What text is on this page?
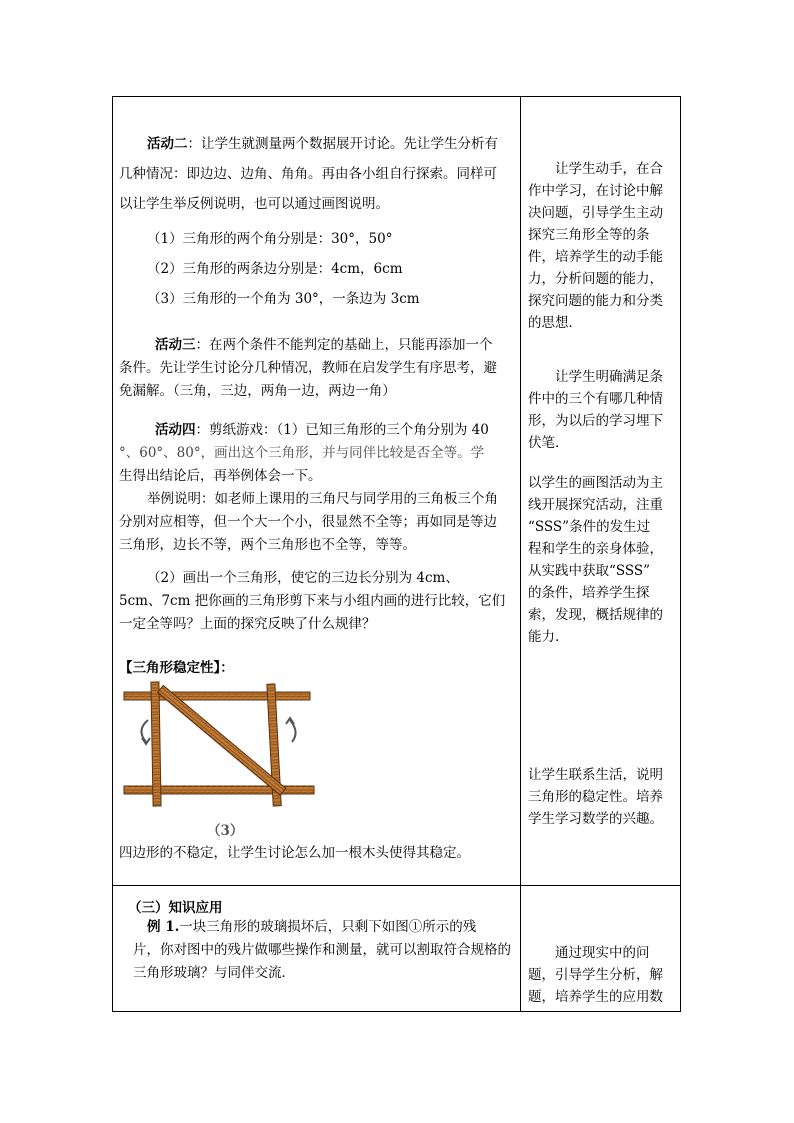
活动二：让学生就测量两个数据展开讨论。先让学生分析有
几种情况：即边边、边角、角角。再由各小组自行探索。同样可
以让学生举反例说明，也可以通过画图说明。
（1）三角形的两个角分别是：30°，50°
（2）三角形的两条边分别是：4cm，6cm
（3）三角形的一个角为 30°，一条边为 3cm
活动三：在两个条件不能判定的基础上，只能再添加一个
条件。先让学生讨论分几种情况，教师在启发学生有序思考，避
免漏解。（三角，三边，两角一边，两边一角）
活动四：剪纸游戏：（1）已知三角形的三个角分别为 40
°、60°、80°，画出这个三角形，并与同伴比较是否全等。学
生得出结论后，再举例体会一下。
举例说明：如老师上课用的三角尺与同学用的三角板三个角
分别对应相等，但一个大一个小，很显然不全等；再如同是等边
三角形，边长不等，两个三角形也不全等，等等。
（2）画出一个三角形，使它的三边长分别为 4cm、
5cm、7cm 把你画的三角形剪下来与小组内画的进行比较，它们
一定全等吗？上面的探究反映了什么规律？
【三角形稳定性】：
（3）
四边形的不稳定，让学生讨论怎么加一根木头使得其稳定。
（三）知识应用
例 1.一块三角形的玻璃损坏后，只剩下如图①所示的残
片，你对图中的残片做哪些操作和测量，就可以割取符合规格的
三角形玻璃？与同伴交流．
让学生动手，在合
作中学习，在讨论中解
决问题，引导学生主动
探究三角形全等的条
件，培养学生的动手能
力，分析问题的能力，
探究问题的能力和分类
的思想．
让学生明确满足条
件中的三个有哪几种情
形，为以后的学习埋下
伏笔．
以学生的画图活动为主
线开展探究活动，注重
“SSS”条件的发生过
程和学生的亲身体验，
从实践中获取“SSS”
的条件，培养学生探
索，发现，概括规律的
能力．
让学生联系生活，说明
三角形的稳定性。培养
学生学习数学的兴趣。
通过现实中的问
题，引导学生分析，解
题，培养学生的应用数
